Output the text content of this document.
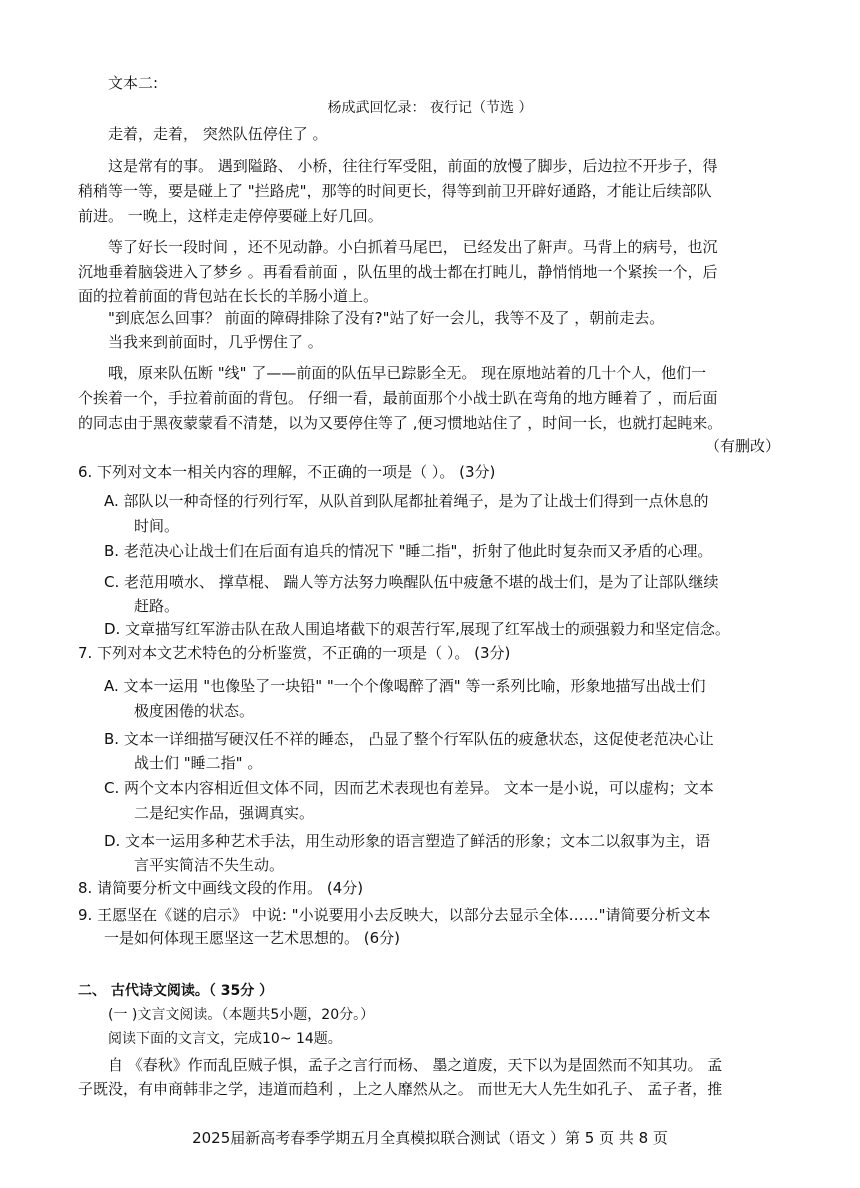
文本二:
杨成武回忆录： 夜行记（节选 ）
走着，走着， 突然队伍停住了 。
这是常有的事。 遇到隘路、 小桥，往往行军受阻，前面的放慢了脚步，后边拉不开步子，得
稍稍等一等，要是碰上了 "拦路虎"，那等的时间更长，得等到前卫开辟好通路，才能让后续部队
前进。 一晚上，这样走走停停要碰上好几回。
等了好长一段时间 ，还不见动静。小白抓着马尾巴， 已经发出了鼾声。马背上的病号，也沉
沉地垂着脑袋进入了梦乡 。再看看前面 ，队伍里的战士都在打盹儿，静悄悄地一个紧挨一个，后
面的拉着前面的背包站在长长的羊肠小道上。
"到底怎么回事？ 前面的障碍排除了没有?"站了好一会儿，我等不及了 ，朝前走去。
当我来到前面时，几乎愣住了 。
哦，原来队伍断 "线" 了——前面的队伍早已踪影全无。 现在原地站着的几十个人，他们一
个挨着一个，手拉着前面的背包。 仔细一看，最前面那个小战士趴在弯角的地方睡着了 ，而后面
的同志由于黑夜蒙蒙看不清楚，以为又要停住等了 ,便习惯地站住了 ，时间一长，也就打起盹来。
（有删改）
6. 下列对文本一相关内容的理解，不正确的一项是（ ）。 (3分)
A. 部队以一种奇怪的行列行军，从队首到队尾都扯着绳子，是为了让战士们得到一点休息的
时间。
B. 老范决心让战士们在后面有追兵的情况下 "睡二指"，折射了他此时复杂而又矛盾的心理。
C. 老范用喷水、 撑草棍、 踹人等方法努力唤醒队伍中疲惫不堪的战士们，是为了让部队继续
赶路。
D. 文章描写红军游击队在敌人围追堵截下的艰苦行军,展现了红军战士的顽强毅力和坚定信念。
7. 下列对本文艺术特色的分析鉴赏，不正确的一项是（ ）。 (3分)
A. 文本一运用 "也像坠了一块铅" "一个个像喝醉了酒" 等一系列比喻，形象地描写出战士们
极度困倦的状态。
B. 文本一详细描写硬汉任不祥的睡态， 凸显了整个行军队伍的疲惫状态，这促使老范决心让
战士们 "睡二指" 。
C. 两个文本内容相近但文体不同，因而艺术表现也有差异。 文本一是小说，可以虚构；文本
二是纪实作品，强调真实。
D. 文本一运用多种艺术手法，用生动形象的语言塑造了鲜活的形象；文本二以叙事为主，语
言平实简洁不失生动。
8. 请简要分析文中画线文段的作用。 (4分)
9. 王愿坚在《谜的启示》 中说: "小说要用小去反映大，以部分去显示全体……"请简要分析文本
一是如何体现王愿坚这一艺术思想的。 (6分)
二、 古代诗文阅读。（ 35分 ）
(一 )文言文阅读。（本题共5小题，20分。）
阅读下面的文言文，完成10~ 14题。
自 《春秋》作而乱臣贼子惧，孟子之言行而杨、 墨之道废，天下以为是固然而不知其功。 孟
子既没，有申商韩非之学，违道而趋利 ，上之人靡然从之。 而世无大人先生如孔子、 孟子者，推
2025届新高考春季学期五月全真模拟联合测试（语文 ）第 5 页 共 8 页
